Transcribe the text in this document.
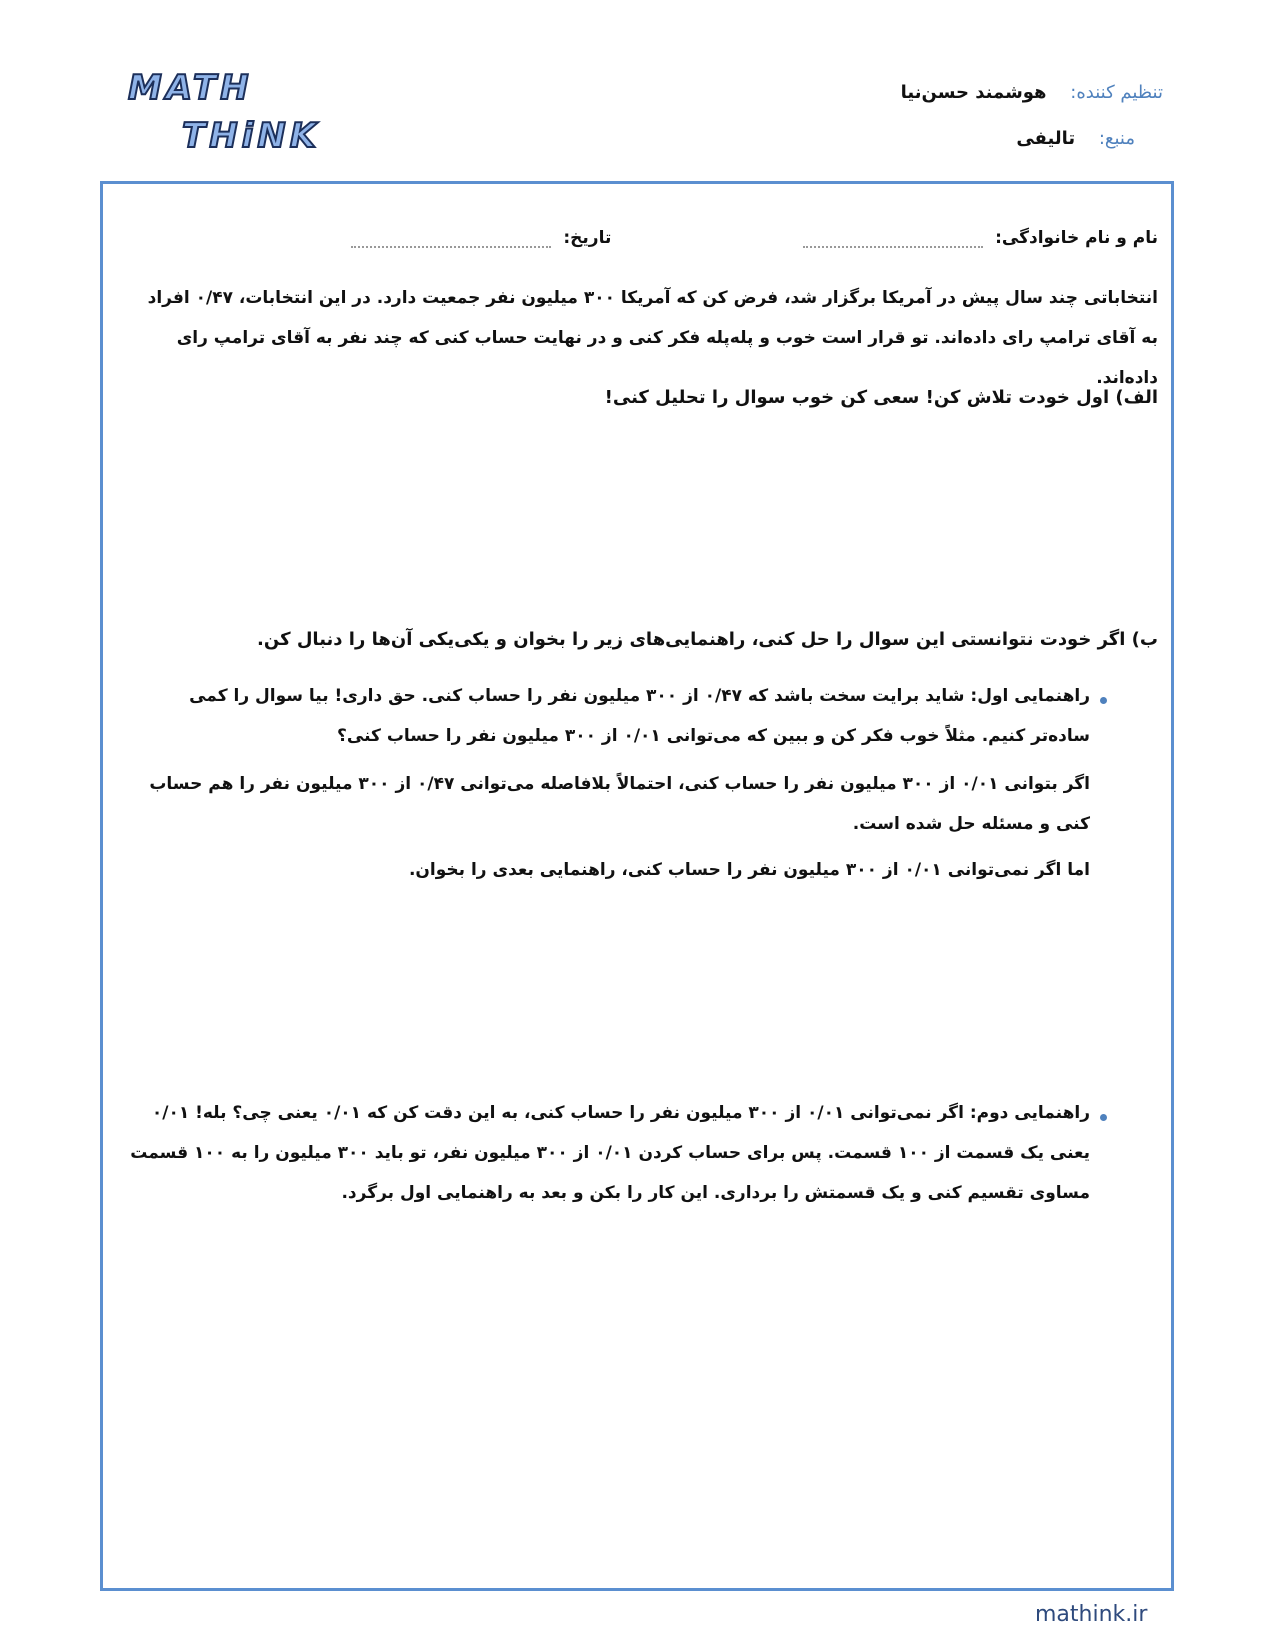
MATH
THiNK
تنظیم کننده: هوشمند حسن‌نیا
منبع: تالیفی
نام و نام خانوادگی:   تاریخ:
انتخاباتی چند سال پیش در آمریکا برگزار شد، فرض کن که آمریکا ۳۰۰ میلیون نفر جمعیت دارد. در این انتخابات، ۰/۴۷ افراد به آقای ترامپ رای داده‌اند. تو قرار است خوب و پله‌پله فکر کنی و در نهایت حساب کنی که چند نفر به آقای ترامپ رای داده‌اند.
الف) اول خودت تلاش کن! سعی کن خوب سوال را تحلیل کنی!
ب) اگر خودت نتوانستی این سوال را حل کنی، راهنمایی‌های زیر را بخوان و یکی‌یکی آن‌ها را دنبال کن.
راهنمایی اول: شاید برایت سخت باشد که ۰/۴۷ از ۳۰۰ میلیون نفر را حساب کنی. حق داری! بیا سوال را کمی ساده‌تر کنیم. مثلاً خوب فکر کن و ببین که می‌توانی ۰/۰۱ از ۳۰۰ میلیون نفر را حساب کنی؟
اگر بتوانی ۰/۰۱ از ۳۰۰ میلیون نفر را حساب کنی، احتمالاً بلافاصله می‌توانی ۰/۴۷ از ۳۰۰ میلیون نفر را هم حساب کنی و مسئله حل شده است.
اما اگر نمی‌توانی ۰/۰۱ از ۳۰۰ میلیون نفر را حساب کنی، راهنمایی بعدی را بخوان.
راهنمایی دوم: اگر نمی‌توانی ۰/۰۱ از ۳۰۰ میلیون نفر را حساب کنی، به این دقت کن که ۰/۰۱ یعنی چی؟ بله! ۰/۰۱ یعنی یک قسمت از ۱۰۰ قسمت. پس برای حساب کردن ۰/۰۱ از ۳۰۰ میلیون نفر، تو باید ۳۰۰ میلیون را به ۱۰۰ قسمت مساوی تقسیم کنی و یک قسمتش را برداری. این کار را بکن و بعد به راهنمایی اول برگرد.
mathink.ir
